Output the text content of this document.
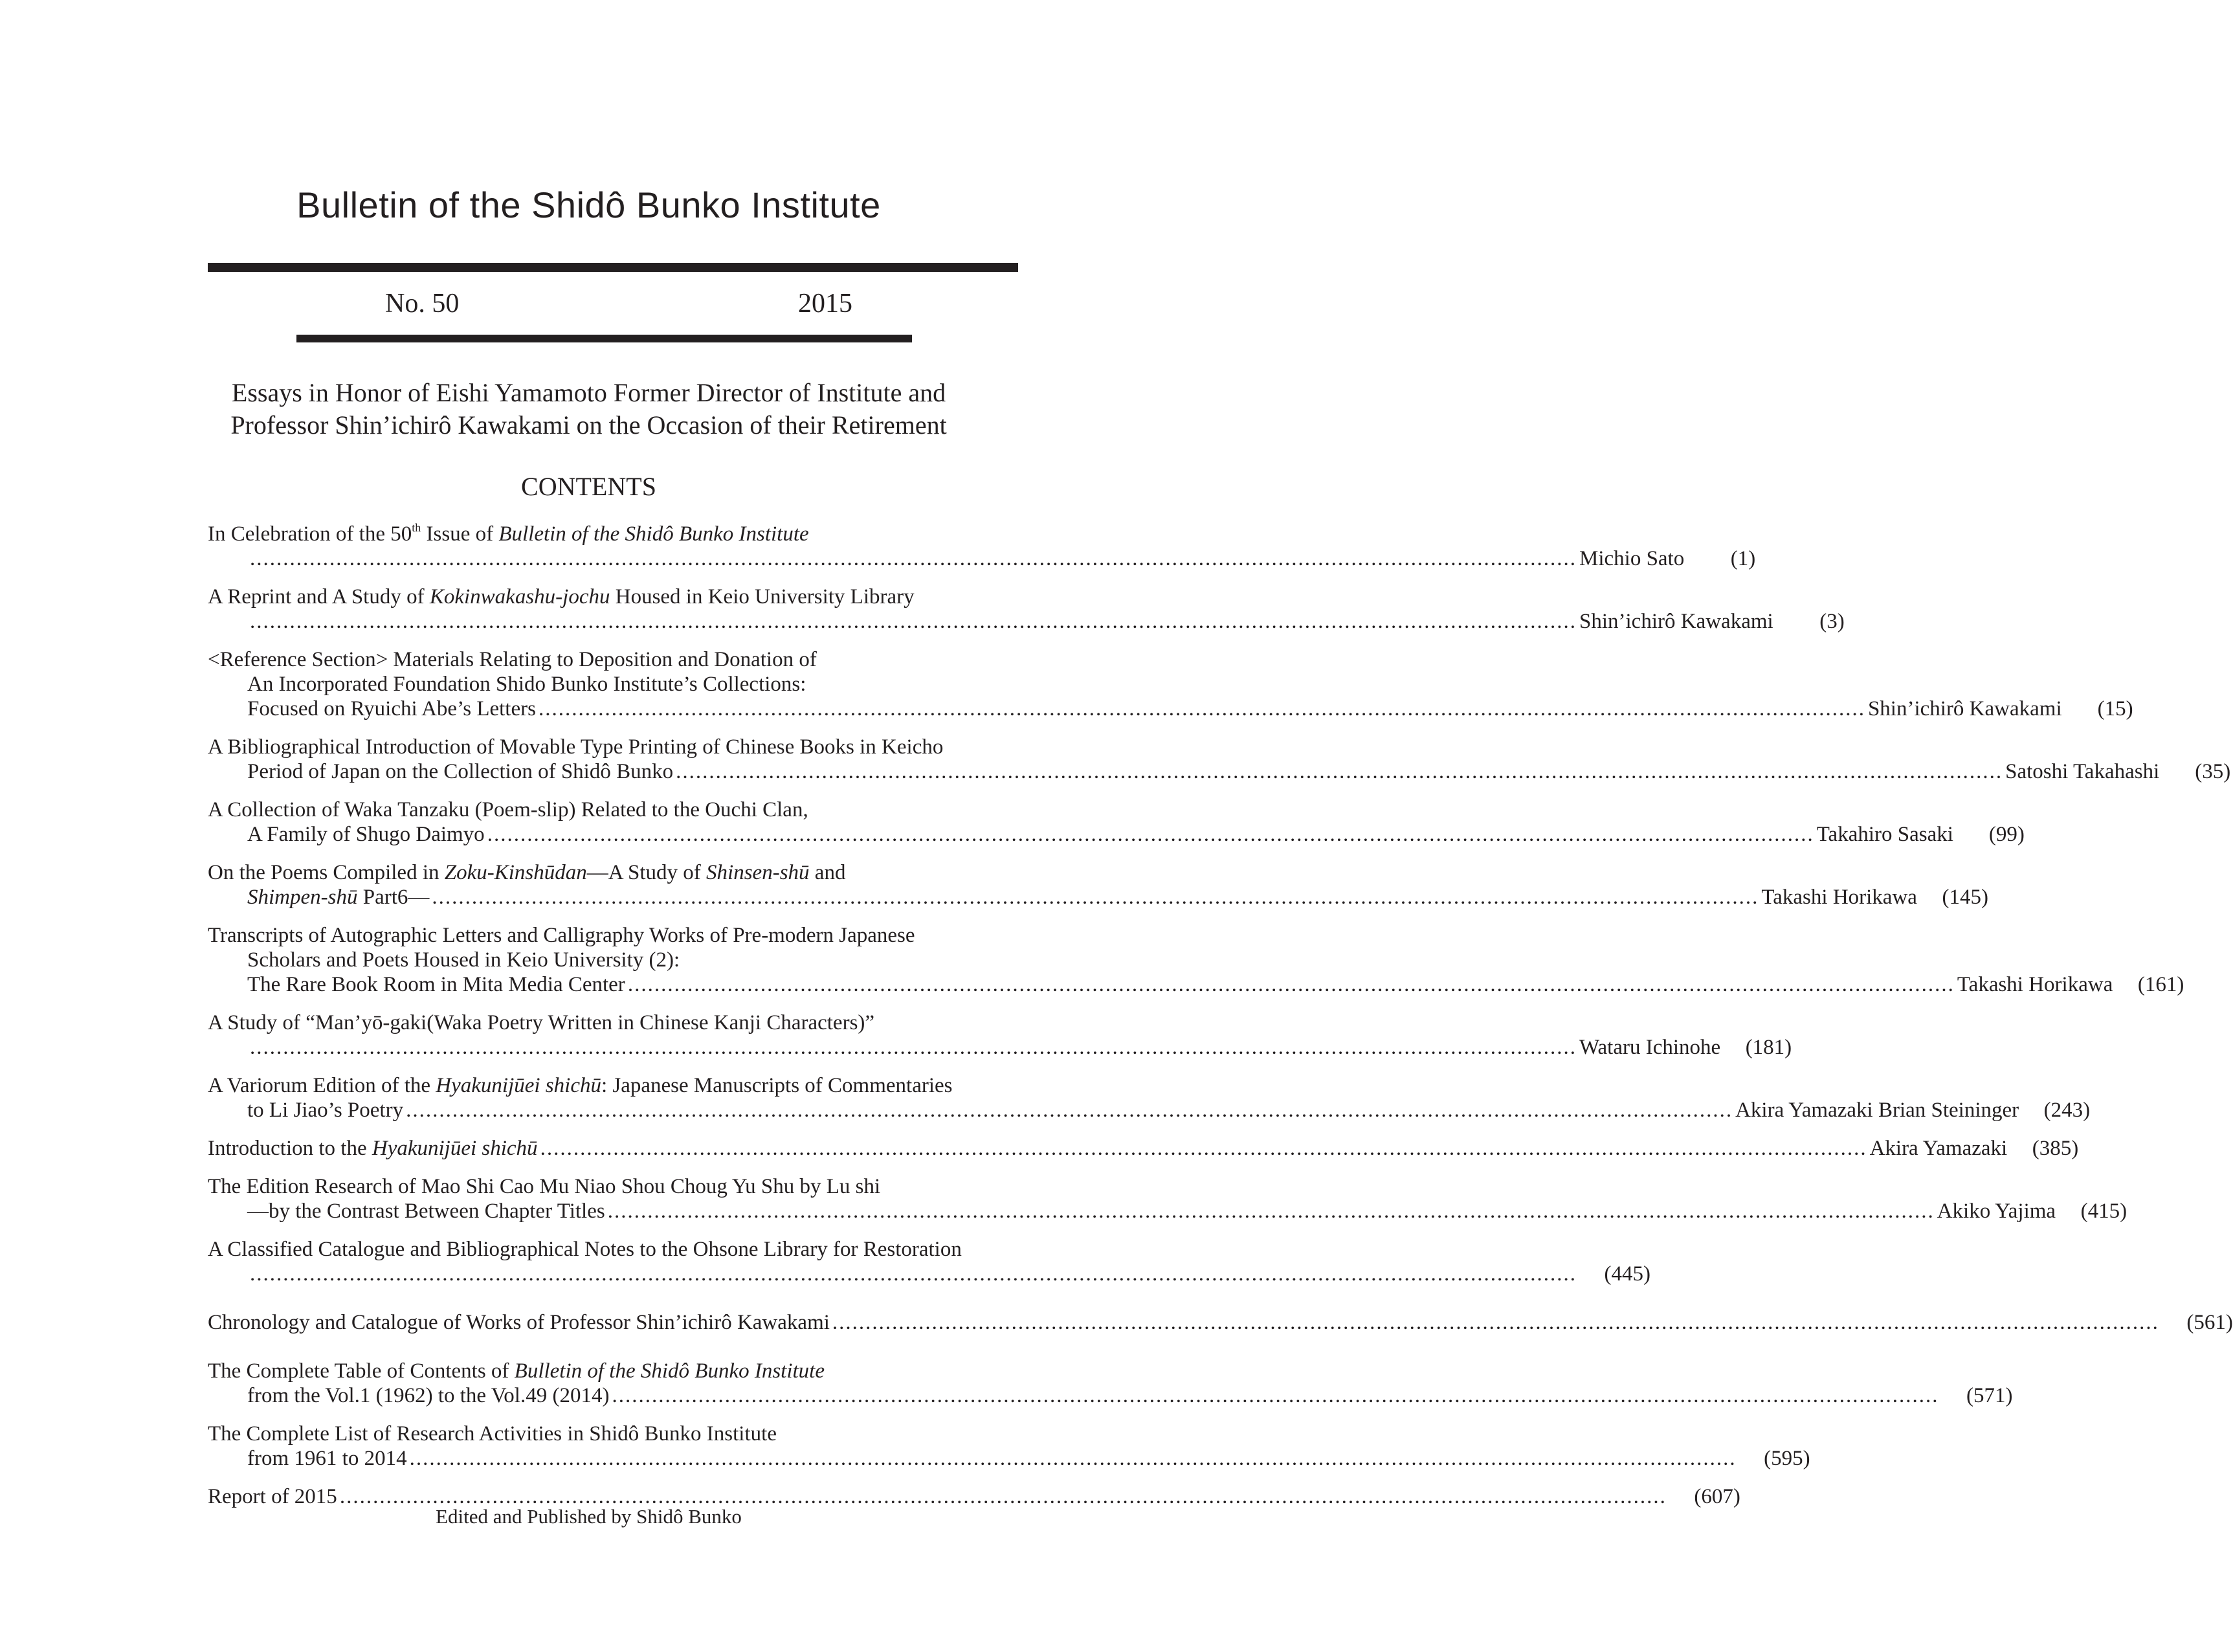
Bulletin of the Shidô Bunko Institute
No. 50	2015
Essays in Honor of Eishi Yamamoto Former Director of Institute and
Professor Shin’ichirô Kawakami on the Occasion of their Retirement
CONTENTS
In Celebration of the 50th Issue of Bulletin of the Shidô Bunko Institute
........................................................................................................................................................................................................ Michio Sato	(1)
A Reprint and A Study of Kokinwakashu-jochu Housed in Keio University Library
........................................................................................................................................................................................................ Shin’ichirô Kawakami	(3)
<Reference Section> Materials Relating to Deposition and Donation of
An Incorporated Foundation Shido Bunko Institute’s Collections:
Focused on Ryuichi Abe’s Letters ........................................................................................................................................................................................................ Shin’ichirô Kawakami	(15)
A Bibliographical Introduction of Movable Type Printing of Chinese Books in Keicho
Period of Japan on the Collection of Shidô Bunko ........................................................................................................................................................................................................ Satoshi Takahashi	(35)
A Collection of Waka Tanzaku (Poem-slip) Related to the Ouchi Clan,
A Family of Shugo Daimyo ........................................................................................................................................................................................................ Takahiro Sasaki	(99)
On the Poems Compiled in Zoku-Kinshūdan—A Study of Shinsen-shū and
Shimpen-shū Part6— ........................................................................................................................................................................................................ Takashi Horikawa	(145)
Transcripts of Autographic Letters and Calligraphy Works of Pre-modern Japanese
Scholars and Poets Housed in Keio University (2):
The Rare Book Room in Mita Media Center ........................................................................................................................................................................................................ Takashi Horikawa	(161)
A Study of “Man’yō-gaki(Waka Poetry Written in Chinese Kanji Characters)”
........................................................................................................................................................................................................ Wataru Ichinohe	(181)
A Variorum Edition of the Hyakunijūei shichū: Japanese Manuscripts of Commentaries
to Li Jiao’s Poetry ........................................................................................................................................................................................................ Akira Yamazaki Brian Steininger	(243)
Introduction to the Hyakunijūei shichū ........................................................................................................................................................................................................ Akira Yamazaki	(385)
The Edition Research of Mao Shi Cao Mu Niao Shou Choug Yu Shu by Lu shi
—by the Contrast Between Chapter Titles ........................................................................................................................................................................................................ Akiko Yajima	(415)
A Classified Catalogue and Bibliographical Notes to the Ohsone Library for Restoration
........................................................................................................................................................................................................	(445)
Chronology and Catalogue of Works of Professor Shin’ichirô Kawakami ........................................................................................................................................................................................................	(561)
The Complete Table of Contents of Bulletin of the Shidô Bunko Institute
from the Vol.1 (1962) to the Vol.49 (2014) ........................................................................................................................................................................................................	(571)
The Complete List of Research Activities in Shidô Bunko Institute
from 1961 to 2014 ........................................................................................................................................................................................................	(595)
Report of 2015 ........................................................................................................................................................................................................	(607)
Edited and Published by Shidô Bunko
